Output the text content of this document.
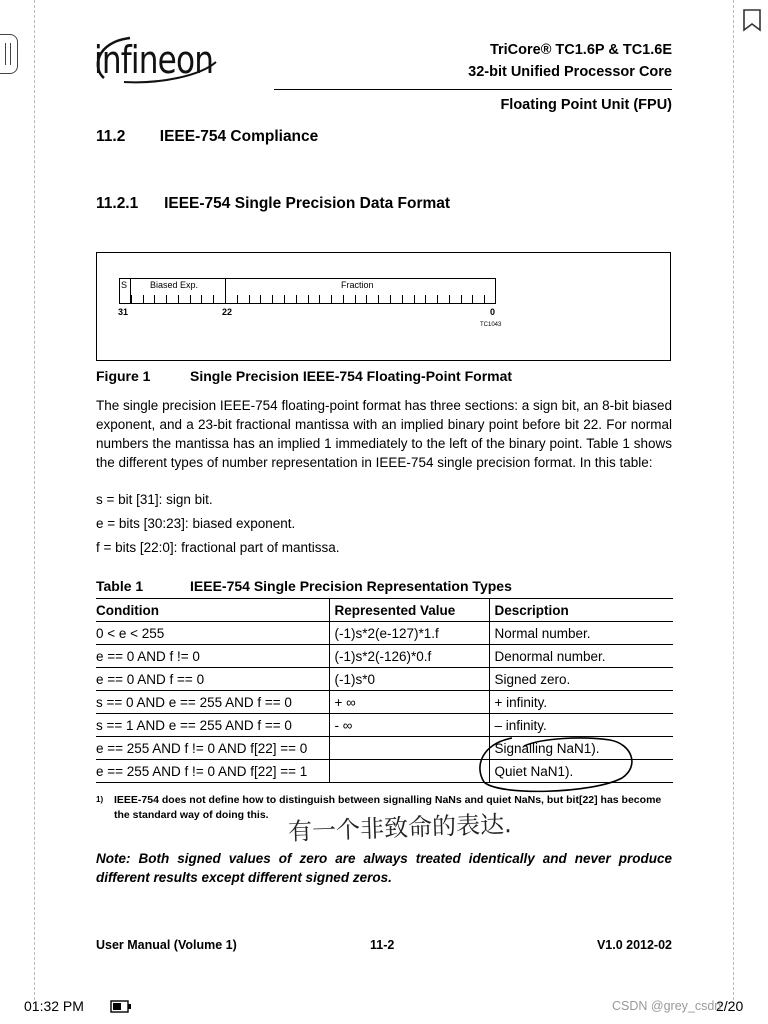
infineon	TriCore® TC1.6P & TC1.6E
32-bit Unified Processor Core
Floating Point Unit (FPU)
11.2        IEEE-754 Compliance
11.2.1      IEEE-754 Single Precision Data Format
S	Biased Exp.	Fraction
31	22	0
TC1043
Figure 1	Single Precision IEEE-754 Floating-Point Format
The single precision IEEE-754 floating-point format has three sections: a sign bit, an 8-bit biased exponent, and a 23-bit fractional mantissa with an implied binary point before bit 22. For normal numbers the mantissa has an implied 1 immediately to the left of the binary point. Table 1 shows the different types of number representation in IEEE-754 single precision format. In this table:
s = bit [31]: sign bit.
e = bits [30:23]: biased exponent.
f = bits [22:0]: fractional part of mantissa.
Table 1	IEEE-754 Single Precision Representation Types
Condition	Represented Value	Description
0 < e < 255	(-1)s*2(e-127)*1.f	Normal number.
e == 0 AND f != 0	(-1)s*2(-126)*0.f	Denormal number.
e == 0 AND f == 0	(-1)s*0	Signed zero.
s == 0 AND e == 255 AND f == 0	+ ∞	+ infinity.
s == 1 AND e == 255 AND f == 0	- ∞	– infinity.
e == 255 AND f != 0 AND f[22] == 0		Signalling NaN1).
e == 255 AND f != 0 AND f[22] == 1		Quiet NaN1).
1) IEEE-754 does not define how to distinguish between signalling NaNs and quiet NaNs, but bit[22] has become the standard way of doing this. 有一个非致命的表达.
Note: Both signed values of zero are always treated identically and never produce different results except different signed zeros.
User Manual (Volume 1)	11-2	V1.0 2012-02
01:32 PM	2/20
CSDN @grey_csdn
